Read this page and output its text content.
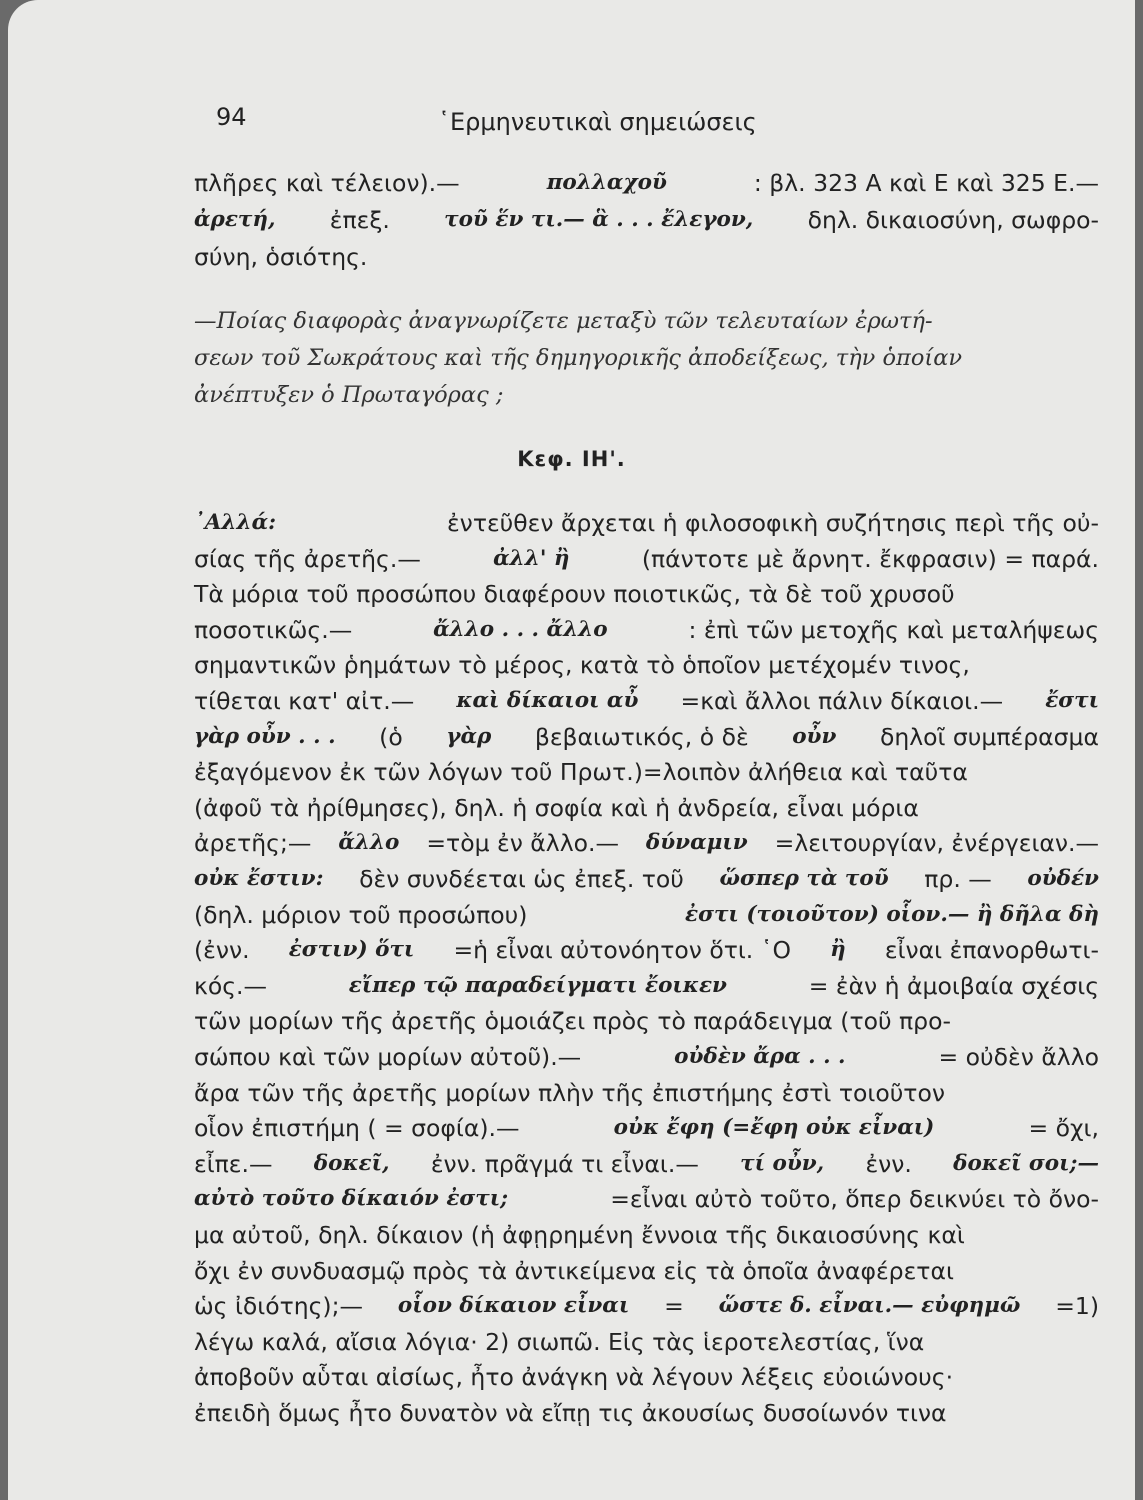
94	῾Ερμηνευτικαὶ σημειώσεις
πλῆρες καὶ τέλειον).—	πολλαχοῦ	: βλ. 323 Α καὶ Ε καὶ 325 Ε.—
ἀρετή, ἐπεξ.	τοῦ ἕν τι.— ἃ . . . ἔλεγον, δηλ. δικαιοσύνη, σωφρο-
σύνη, ὁσιότης.
—Ποίας διαφορὰς ἀναγνωρίζετε μεταξὺ τῶν τελευταίων ἐρωτή-
σεων τοῦ Σωκράτους καὶ τῆς δημηγορικῆς ἀποδείξεως, τὴν ὁποίαν
ἀνέπτυξεν ὁ Πρωταγόρας ;
Κεφ. ΙΗ'.
᾿Αλλά:	ἐντεῦθεν ἄρχεται ἡ φιλοσοφικὴ συζήτησις περὶ τῆς οὐ-
σίας τῆς ἀρετῆς.—	ἀλλ' ἢ	(πάντοτε μὲ ἄρνητ. ἔκφρασιν) = παρά.
Τὰ μόρια τοῦ προσώπου διαφέρουν ποιοτικῶς, τὰ δὲ τοῦ χρυσοῦ
ποσοτικῶς.—	ἄλλο . . . ἄλλο	: ἐπὶ τῶν μετοχῆς καὶ μεταλήψεως
σημαντικῶν ῥημάτων τὸ μέρος, κατὰ τὸ ὁποῖον μετέχομέν τινος,
τίθεται κατ' αἰτ.— καὶ δίκαιοι αὖ =καὶ ἄλλοι πάλιν δίκαιοι.— ἔστι
γὰρ οὖν . . . (ὁ γὰρ βεβαιωτικός, ὁ δὲ οὖν δηλοῖ συμπέρασμα
ἐξαγόμενον ἐκ τῶν λόγων τοῦ Πρωτ.)=λοιπὸν ἀλήθεια καὶ ταῦτα
(ἀφοῦ τὰ ἠρίθμησες), δηλ. ἡ σοφία καὶ ἡ ἀνδρεία, εἶναι μόρια
ἀρετῆς;— ἄλλο =τὸμ ἐν ἄλλο.— δύναμιν =λειτουργίαν, ἐνέργειαν.—
οὐκ ἔστιν: δὲν συνδέεται ὡς ἐπεξ. τοῦ ὥσπερ τὰ τοῦ πρ. — οὐδέν
(δηλ. μόριον τοῦ προσώπου)	ἐστι (τοιοῦτον) οἷον.— ἢ δῆλα δὴ
(ἐνν. ἐστιν) ὅτι =ἡ εἶναι αὐτονόητον ὅτι. ῾Ο ἢ εἶναι ἐπανορθωτι-
κός.—	εἴπερ τῷ παραδείγματι ἔοικεν	= ἐὰν ἡ ἀμοιβαία σχέσις
τῶν μορίων τῆς ἀρετῆς ὁμοιάζει πρὸς τὸ παράδειγμα (τοῦ προ-
σώπου καὶ τῶν μορίων αὐτοῦ).—	οὐδὲν ἄρα . . .	= οὐδὲν ἄλλο
ἄρα τῶν τῆς ἀρετῆς μορίων πλὴν τῆς ἐπιστήμης ἐστὶ τοιοῦτον
οἷον ἐπιστήμη ( = σοφία).—	οὐκ ἔφη (=ἔφη οὐκ εἶναι)	= ὄχι,
εἶπε.— δοκεῖ, ἐνν. πρᾶγμά τι εἶναι.— τί οὖν, ἐνν. δοκεῖ σοι;—
αὐτὸ τοῦτο δίκαιόν ἐστι;	=εἶναι αὐτὸ τοῦτο, ὅπερ δεικνύει τὸ ὄνο-
μα αὐτοῦ, δηλ. δίκαιον (ἡ ἀφῃρημένη ἔννοια τῆς δικαιοσύνης καὶ
ὄχι ἐν συνδυασμῷ πρὸς τὰ ἀντικείμενα εἰς τὰ ὁποῖα ἀναφέρεται
ὡς ἰδιότης);— οἷον δίκαιον εἶναι = ὥστε δ. εἶναι.— εὐφημῶ =1)
λέγω καλά, αἴσια λόγια· 2) σιωπῶ. Εἰς τὰς ἱεροτελεστίας, ἵνα
ἀποβοῦν αὗται αἰσίως, ἦτο ἀνάγκη νὰ λέγουν λέξεις εὐοιώνους·
ἐπειδὴ ὅμως ἦτο δυνατὸν νὰ εἴπῃ τις ἀκουσίως δυσοίωνόν τινα
